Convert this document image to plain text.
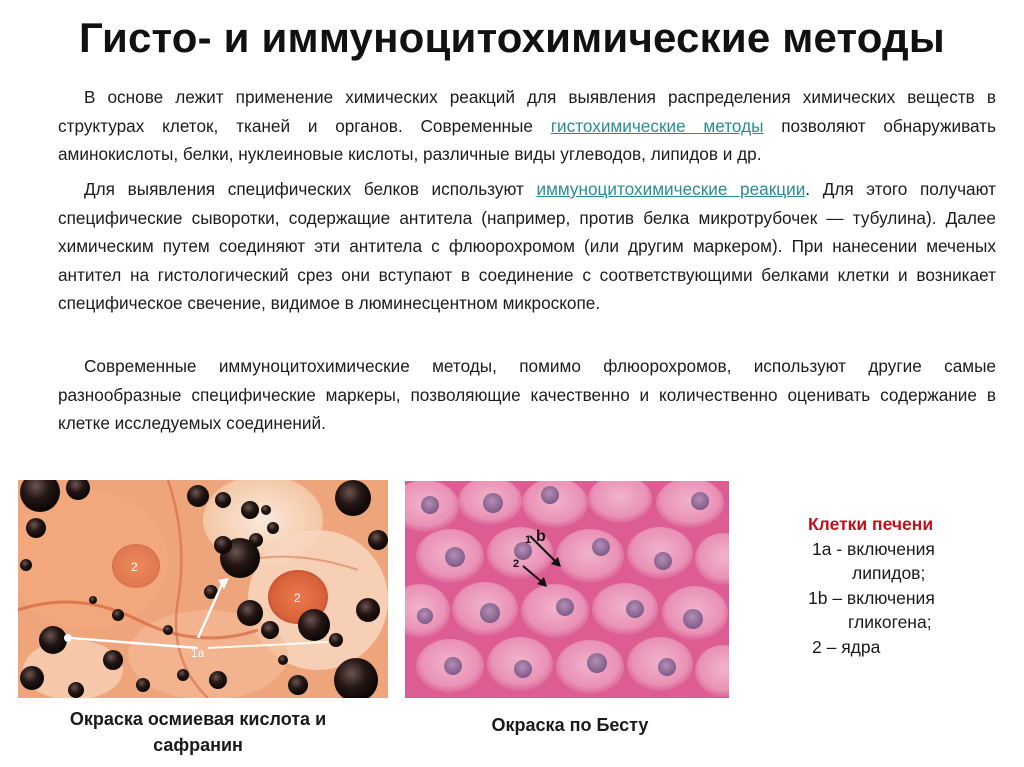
Гисто- и иммуноцитохимические методы

В основе лежит применение химических реакций для выявления распределения химических веществ в структурах клеток, тканей и органов. Современные гистохимические методы позволяют обнаруживать аминокислоты, белки, нуклеиновые кислоты, различные виды углеводов, липидов и др.

Для выявления специфических белков используют иммуноцитохимические реакции. Для этого получают специфические сыворотки, содержащие антитела (например, против белка микротрубочек — тубулина). Далее химическим путем соединяют эти антитела с флюорохромом (или другим маркером). При нанесении меченых антител на гистологический срез они вступают в соединение с соответствующими белками клетки и возникает специфическое свечение, видимое в люминесцентном микроскопе.

Современные иммуноцитохимические методы, помимо флюорохромов, используют другие самые разнообразные специфические маркеры, позволяющие качественно и количественно оценивать содержание в клетке исследуемых соединений.

1a
2
2
b
1
2
Окраска осмиевая кислота и сафранин
Окраска по Бесту
Клетки печени
1a - включения
липидов;
1b – включения
гликогена;
2 – ядра
